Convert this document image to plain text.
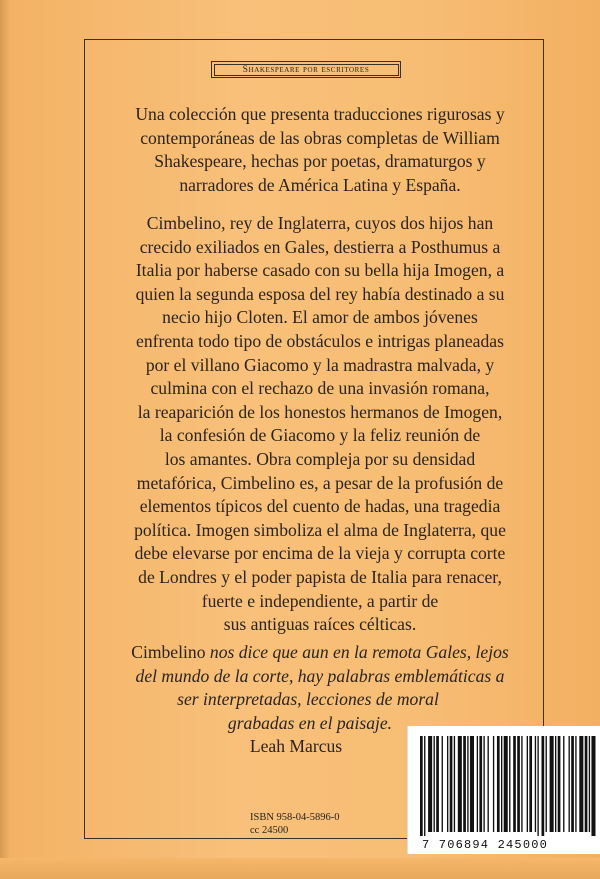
Shakespeare por escritores
Una colección que presenta traducciones rigurosas y
contemporáneas de las obras completas de William
Shakespeare, hechas por poetas, dramaturgos y
narradores de América Latina y España.
Cimbelino, rey de Inglaterra, cuyos dos hijos han
crecido exiliados en Gales, destierra a Posthumus a
Italia por haberse casado con su bella hija Imogen, a
quien la segunda esposa del rey había destinado a su
necio hijo Cloten. El amor de ambos jóvenes
enfrenta todo tipo de obstáculos e intrigas planeadas
por el villano Giacomo y la madrastra malvada, y
culmina con el rechazo de una invasión romana,
la reaparición de los honestos hermanos de Imogen,
la confesión de Giacomo y la feliz reunión de
los amantes. Obra compleja por su densidad
metafórica, Cimbelino es, a pesar de la profusión de
elementos típicos del cuento de hadas, una tragedia
política. Imogen simboliza el alma de Inglaterra, que
debe elevarse por encima de la vieja y corrupta corte
de Londres y el poder papista de Italia para renacer,
fuerte e independiente, a partir de
sus antiguas raíces célticas.
Cimbelino nos dice que aun en la remota Gales, lejos
del mundo de la corte, hay palabras emblemáticas a
ser interpretadas, lecciones de moral
grabadas en el paisaje.
Leah Marcus
ISBN 958-04-5896-0
cc 24500
7 706894 245000
